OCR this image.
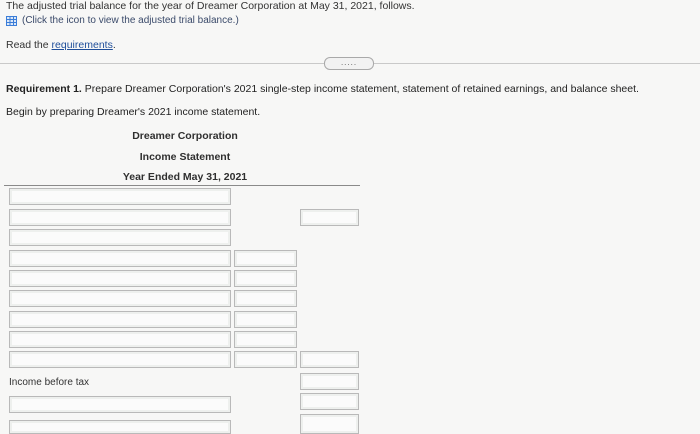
The adjusted trial balance for the year of Dreamer Corporation at May 31, 2021, follows.
(Click the icon to view the adjusted trial balance.)
Read the requirements.
.....
Requirement 1. Prepare Dreamer Corporation's 2021 single-step income statement, statement of retained earnings, and balance sheet.
Begin by preparing Dreamer's 2021 income statement.
Dreamer Corporation
Income Statement
Year Ended May 31, 2021
Income before tax
